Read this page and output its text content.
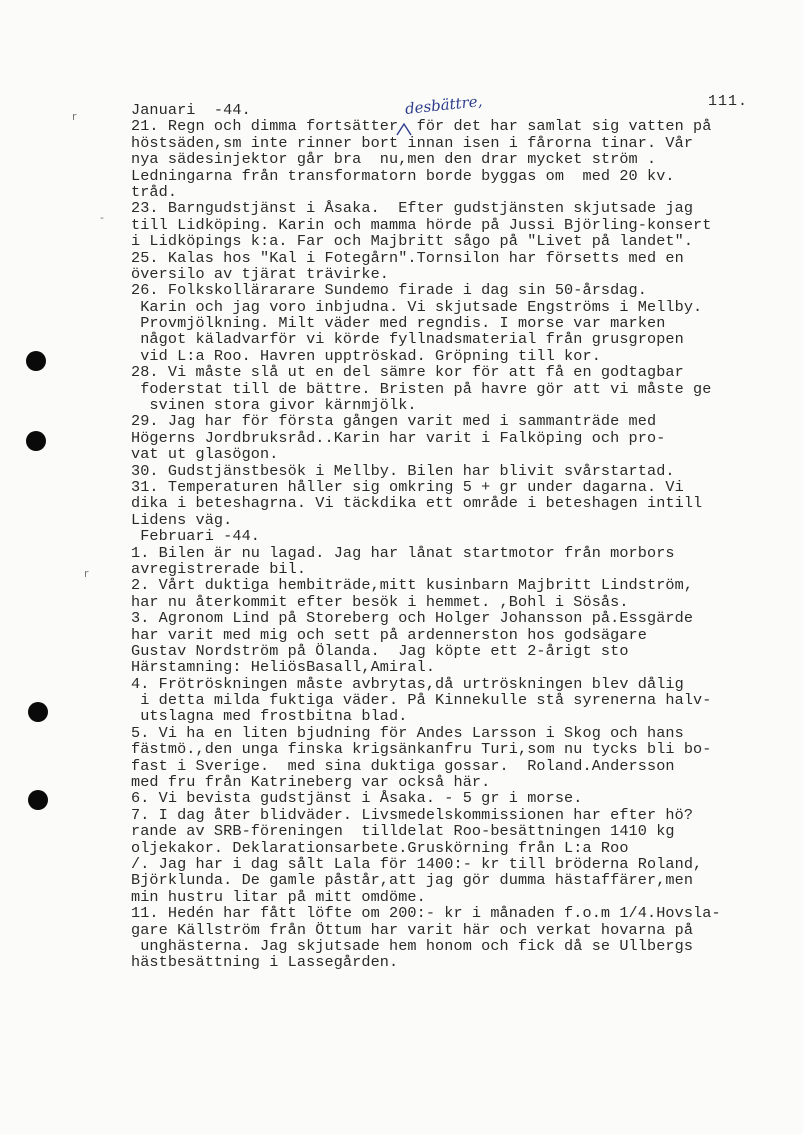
111.
desbättre,
r
-
r
Januari  -44.
21. Regn och dimma fortsätter  för det har samlat sig vatten på
höstsäden,sm inte rinner bort innan isen i fårorna tinar. Vår
nya sädesinjektor går bra  nu,men den drar mycket ström .
Ledningarna från transformatorn borde byggas om  med 20 kv.
tråd.
23. Barngudstjänst i Åsaka.  Efter gudstjänsten skjutsade jag
till Lidköping. Karin och mamma hörde på Jussi Björling-konsert
i Lidköpings k:a. Far och Majbritt sågo på "Livet på landet".
25. Kalas hos "Kal i Fotegårn".Tornsilon har försetts med en
översilo av tjärat trävirke.
26. Folkskollärarare Sundemo firade i dag sin 50-årsdag.
Karin och jag voro inbjudna. Vi skjutsade Engströms i Mellby.
Provmjölkning. Milt väder med regndis. I morse var marken
något käladvarför vi körde fyllnadsmaterial från grusgropen
vid L:a Roo. Havren upptröskad. Gröpning till kor.
28. Vi måste slå ut en del sämre kor för att få en godtagbar
foderstat till de bättre. Bristen på havre gör att vi måste ge
svinen stora givor kärnmjölk.
29. Jag har för första gången varit med i sammanträde med
Högerns Jordbruksråd..Karin har varit i Falköping och pro-
vat ut glasögon.
30. Gudstjänstbesök i Mellby. Bilen har blivit svårstartad.
31. Temperaturen håller sig omkring 5 + gr under dagarna. Vi
dika i beteshagrna. Vi täckdika ett område i beteshagen intill
Lidens väg.
Februari -44.
1. Bilen är nu lagad. Jag har lånat startmotor från morbors
avregistrerade bil.
2. Vårt duktiga hembiträde,mitt kusinbarn Majbritt Lindström,
har nu återkommit efter besök i hemmet. ,Bohl i Sösås.
3. Agronom Lind på Storeberg och Holger Johansson på.Essgärde
har varit med mig och sett på ardennerston hos godsägare
Gustav Nordström på Ölanda.  Jag köpte ett 2-årigt sto
Härstamning: HeliösBasall,Amiral.
4. Frötröskningen måste avbrytas,då urtröskningen blev dålig
i detta milda fuktiga väder. På Kinnekulle stå syrenerna halv-
utslagna med frostbitna blad.
5. Vi ha en liten bjudning för Andes Larsson i Skog och hans
fästmö.,den unga finska krigsänkanfru Turi,som nu tycks bli bo-
fast i Sverige.  med sina duktiga gossar.  Roland.Andersson
med fru från Katrineberg var också här.
6. Vi bevista gudstjänst i Åsaka. - 5 gr i morse.
7. I dag åter blidväder. Livsmedelskommissionen har efter hö?
rande av SRB-föreningen  tilldelat Roo-besättningen 1410 kg
oljekakor. Deklarationsarbete.Gruskörning från L:a Roo
/. Jag har i dag sålt Lala för 1400:- kr till bröderna Roland,
Björklunda. De gamle påstår,att jag gör dumma hästaffärer,men
min hustru litar på mitt omdöme.
11. Hedén har fått löfte om 200:- kr i månaden f.o.m 1/4.Hovsla-
gare Källström från Öttum har varit här och verkat hovarna på
unghästerna. Jag skjutsade hem honom och fick då se Ullbergs
hästbesättning i Lassegården.
